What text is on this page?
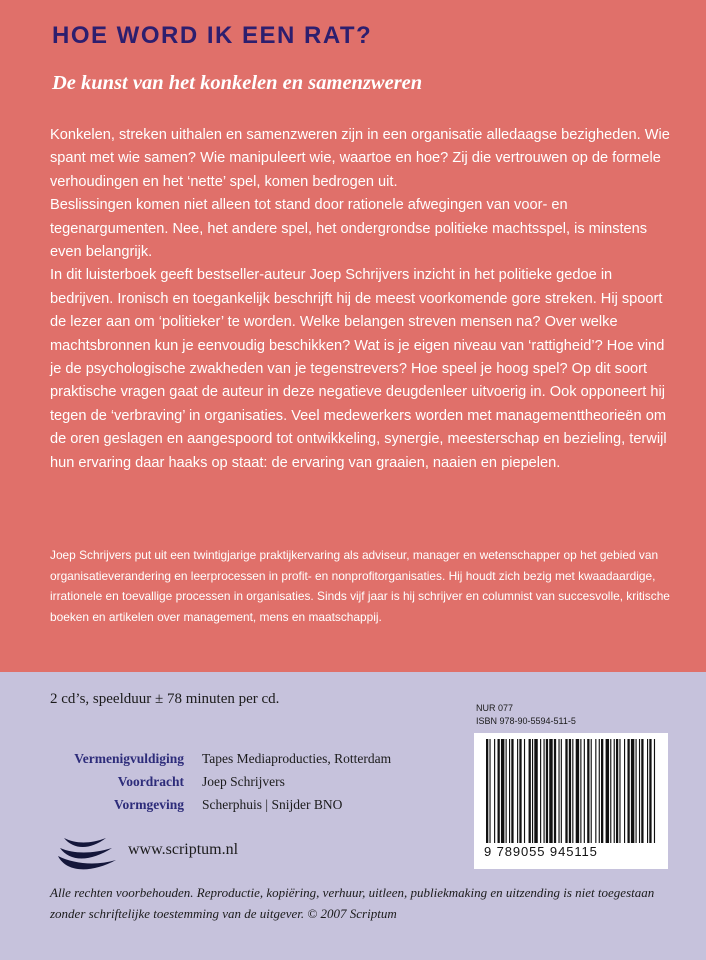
HOE WORD IK EEN RAT?
De kunst van het konkelen en samenzweren

Konkelen, streken uithalen en samenzweren zijn in een organisatie alledaagse bezigheden. Wie spant met wie samen? Wie manipuleert wie, waartoe en hoe? Zij die vertrouwen op de formele verhoudingen en het ‘nette’ spel, komen bedrogen uit.

Beslissingen komen niet alleen tot stand door rationele afwegingen van voor- en tegenargumenten. Nee, het andere spel, het ondergrondse politieke machtsspel, is minstens even belangrijk.

In dit luisterboek geeft bestseller-auteur Joep Schrijvers inzicht in het politieke gedoe in bedrijven. Ironisch en toegankelijk beschrijft hij de meest voorkomende gore streken. Hij spoort de lezer aan om ‘politieker’ te worden. Welke belangen streven mensen na? Over welke machtsbronnen kun je eenvoudig beschikken? Wat is je eigen niveau van ‘rattigheid’? Hoe vind je de psychologische zwakheden van je tegenstrevers? Hoe speel je hoog spel? Op dit soort praktische vragen gaat de auteur in deze negatieve deugdenleer uitvoerig in. Ook opponeert hij tegen de ‘verbraving’ in organisaties. Veel medewerkers worden met managementtheorieën om de oren geslagen en aangespoord tot ontwikkeling, synergie, meesterschap en bezieling, terwijl hun ervaring daar haaks op staat: de ervaring van graaien, naaien en piepelen.

Joep Schrijvers put uit een twintigjarige praktijkervaring als adviseur, manager en wetenschapper op het gebied van organisatieverandering en leerprocessen in profit- en nonprofitorganisaties. Hij houdt zich bezig met kwaadaardige, irrationele en toevallige processen in organisaties. Sinds vijf jaar is hij schrijver en columnist van succesvolle, kritische boeken en artikelen over management, mens en maatschappij.

2 cd’s, speelduur ± 78 minuten per cd.
Vermenigvuldiging	Tapes Mediaproducties, Rotterdam
Voordracht	Joep Schrijvers
Vormgeving	Scherphuis | Snijder BNO
www.scriptum.nl
NUR 077
ISBN 978-90-5594-511-5
9 789055 945115

Alle rechten voorbehouden. Reproductie, kopiëring, verhuur, uitleen, publiekmaking en uitzending is niet toegestaan zonder schriftelijke toestemming van de uitgever. © 2007 Scriptum
